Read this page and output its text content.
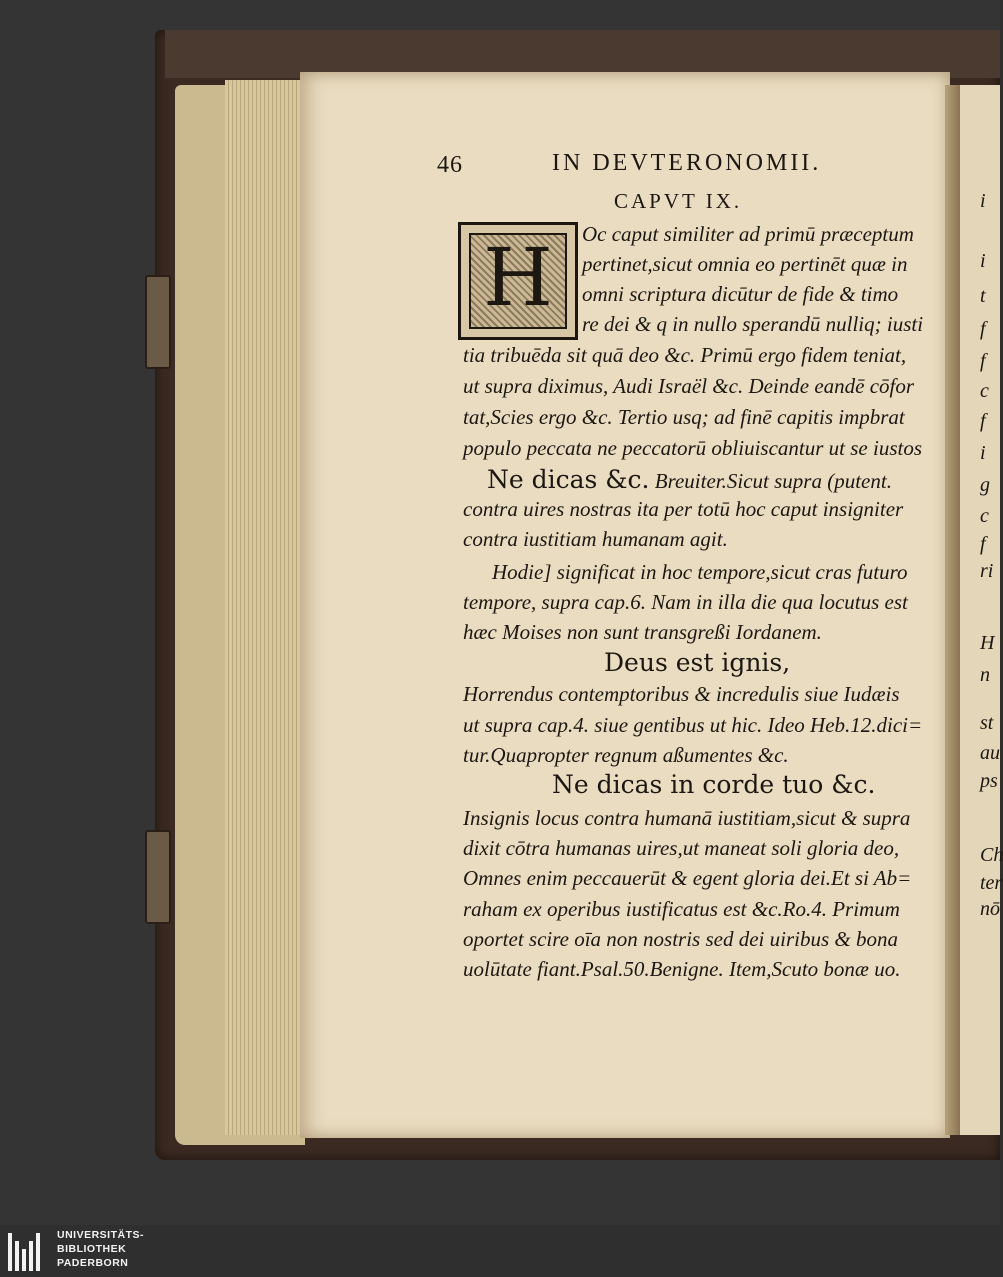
46	IN DEVTERONOMII.
CAPVT IX.
H	Oc caput similiter ad primū præceptum
pertinet,sicut omnia eo pertinēt quæ in
omni scriptura dicūtur de fide & timo
re dei & q in nullo sperandū nulliq; iusti
tia tribuēda sit quā deo &c. Primū ergo fidem teniat,
ut supra diximus, Audi Israël &c. Deinde eandē cōfor
tat,Scies ergo &c. Tertio usq; ad finē capitis impbrat
populo peccata ne peccatorū obliuiscantur ut se iustos
Ne dicas &c. Breuiter.Sicut supra (putent.
contra uires nostras ita per totū hoc caput insigniter
contra iustitiam humanam agit.
Hodie] significat in hoc tempore,sicut cras futuro
tempore, supra cap.6. Nam in illa die qua locutus est
hæc Moises non sunt transgreßi Iordanem.
Deus est ignis,
Horrendus contemptoribus & incredulis siue Iudæis
ut supra cap.4. siue gentibus ut hic. Ideo Heb.12.dici=
tur.Quapropter regnum aßumentes &c.
Ne dicas in corde tuo &c.
Insignis locus contra humanā iustitiam,sicut & supra
dixit cōtra humanas uires,ut maneat soli gloria deo,
Omnes enim peccauerūt & egent gloria dei.Et si Ab=
raham ex operibus iustificatus est &c.Ro.4. Primum
oportet scire oīa non nostris sed dei uiribus & bona
uolūtate fiant.Psal.50.Benigne. Item,Scuto bonæ uo.
i
i
t
f
f
c
f
i
g
c
f
ri
H
n
st
au
ps
Ch
ter
nō
UNIVERSITÄTS-
BIBLIOTHEK
PADERBORN
